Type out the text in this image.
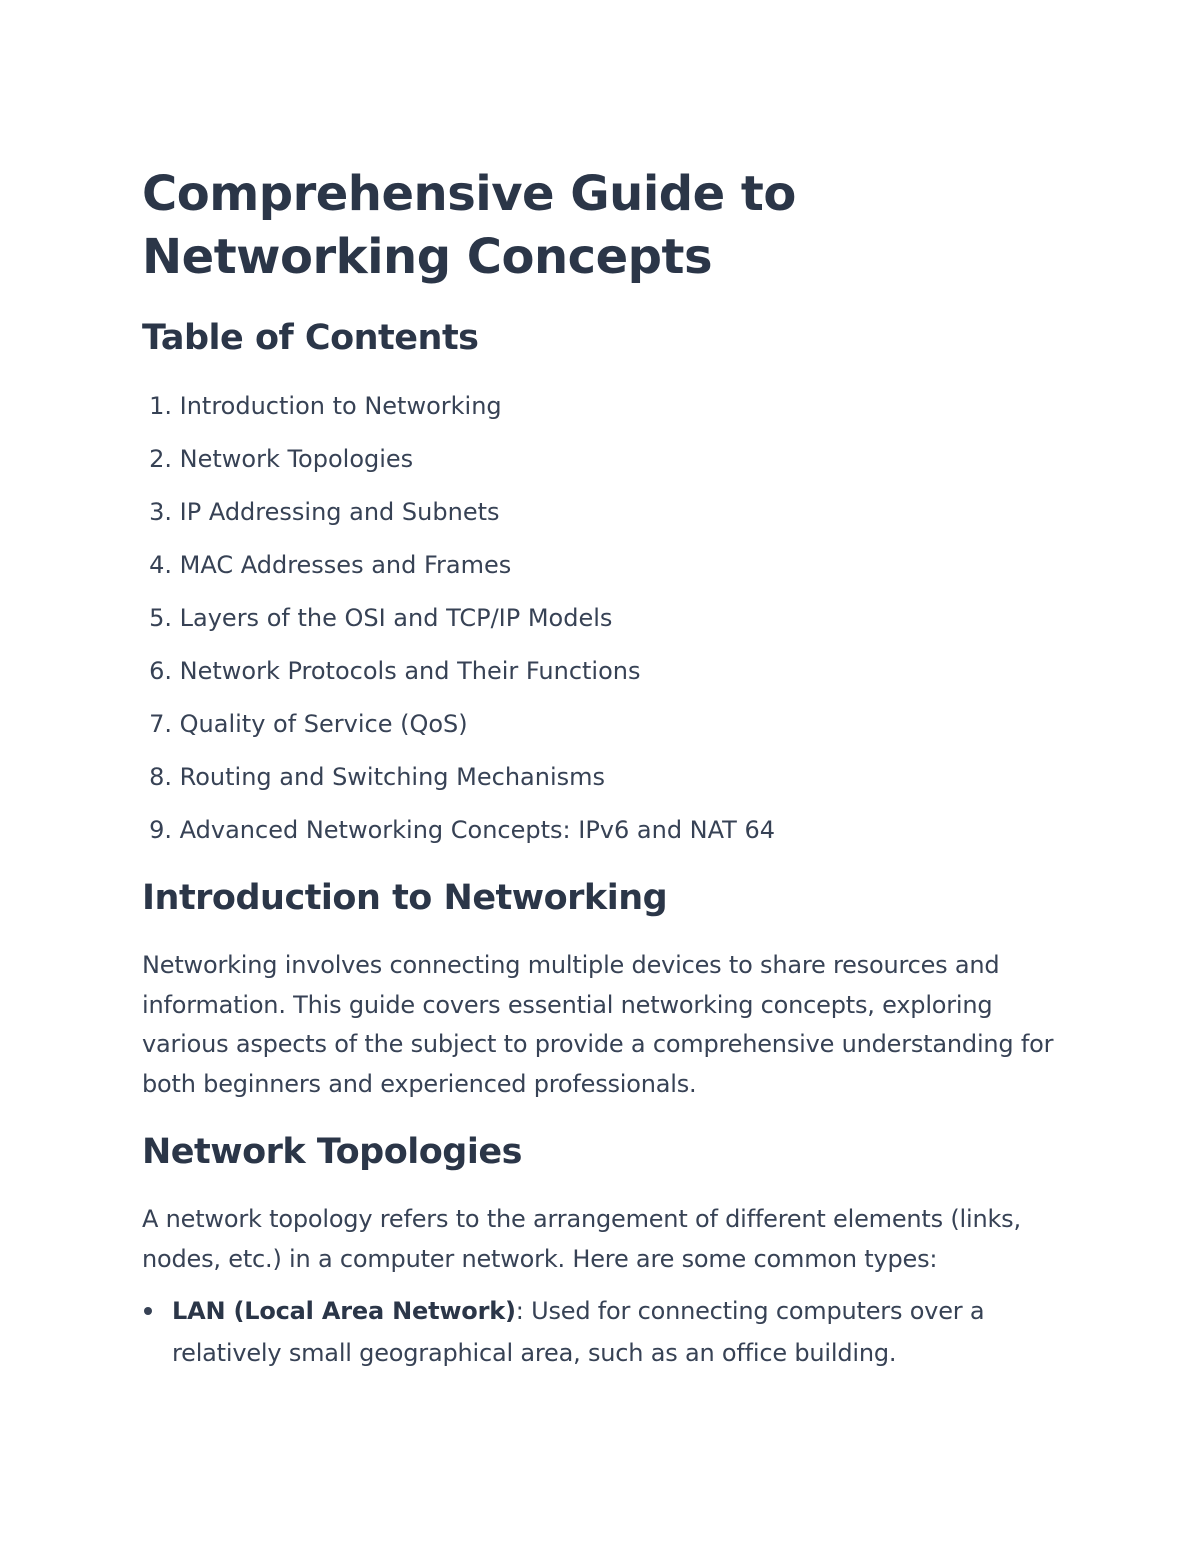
Comprehensive Guide to Networking Concepts
Table of Contents
1. Introduction to Networking
2. Network Topologies
3. IP Addressing and Subnets
4. MAC Addresses and Frames
5. Layers of the OSI and TCP/IP Models
6. Network Protocols and Their Functions
7. Quality of Service (QoS)
8. Routing and Switching Mechanisms
9. Advanced Networking Concepts: IPv6 and NAT 64
Introduction to Networking

Networking involves connecting multiple devices to share resources and information. This guide covers essential networking concepts, exploring various aspects of the subject to provide a comprehensive understanding for both beginners and experienced professionals.

Network Topologies

A network topology refers to the arrangement of different elements (links, nodes, etc.) in a computer network. Here are some common types:

LAN (Local Area Network): Used for connecting computers over a relatively small geographical area, such as an office building.
